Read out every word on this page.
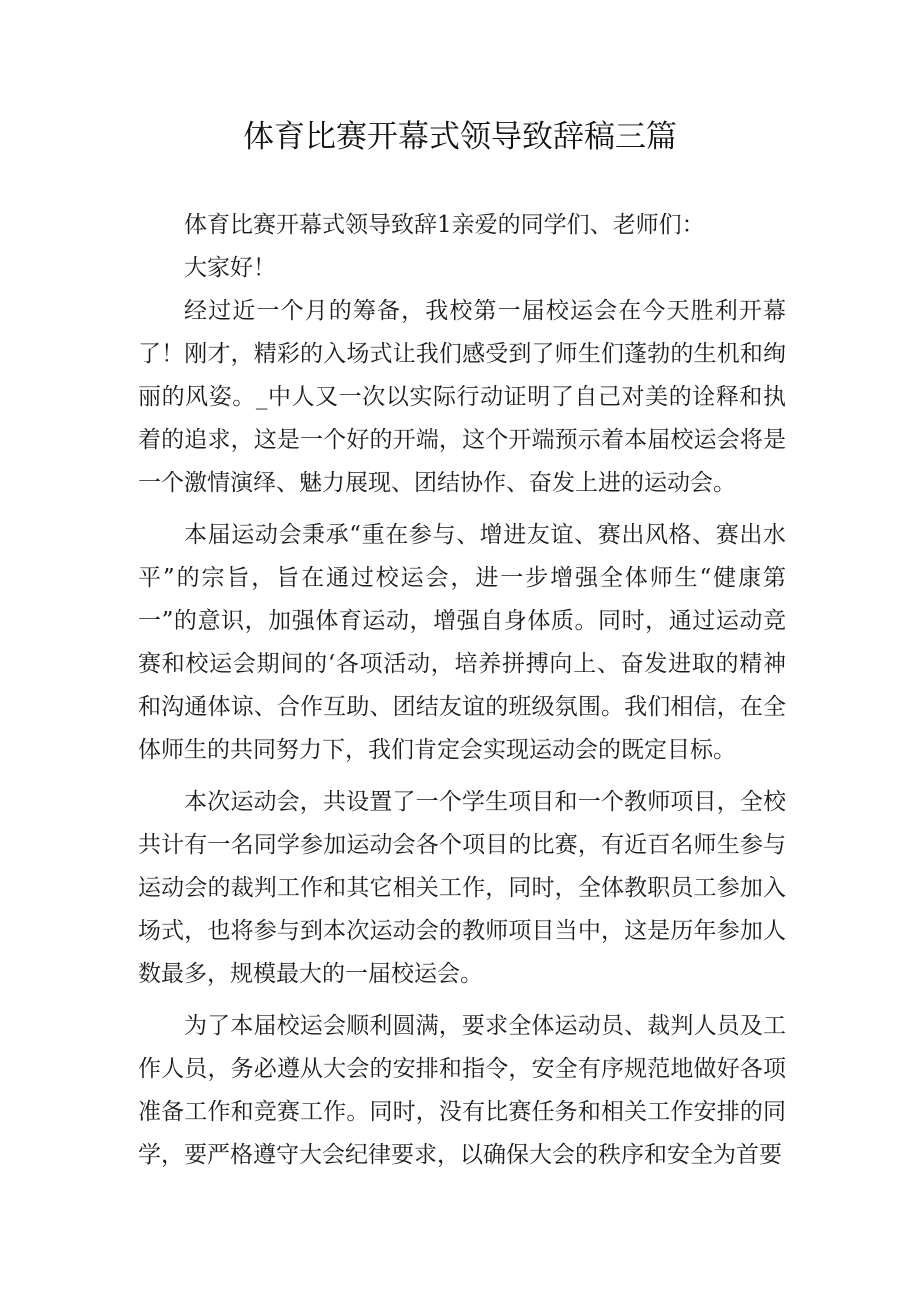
体育比赛开幕式领导致辞稿三篇

体育比赛开幕式领导致辞1亲爱的同学们、老师们：

大家好！

经过近一个月的筹备，我校第一届校运会在今天胜利开幕了！刚才，精彩的入场式让我们感受到了师生们蓬勃的生机和绚丽的风姿。_中人又一次以实际行动证明了自己对美的诠释和执着的追求，这是一个好的开端，这个开端预示着本届校运会将是一个激情演绎、魅力展现、团结协作、奋发上进的运动会。

本届运动会秉承“重在参与、增进友谊、赛出风格、赛出水平”的宗旨，旨在通过校运会，进一步增强全体师生“健康第一”的意识，加强体育运动，增强自身体质。同时，通过运动竞赛和校运会期间的‘各项活动，培养拼搏向上、奋发进取的精神和沟通体谅、合作互助、团结友谊的班级氛围。我们相信，在全体师生的共同努力下，我们肯定会实现运动会的既定目标。

本次运动会，共设置了一个学生项目和一个教师项目，全校共计有一名同学参加运动会各个项目的比赛，有近百名师生参与运动会的裁判工作和其它相关工作，同时，全体教职员工参加入场式，也将参与到本次运动会的教师项目当中，这是历年参加人数最多，规模最大的一届校运会。

为了本届校运会顺利圆满，要求全体运动员、裁判人员及工作人员，务必遵从大会的安排和指令，安全有序规范地做好各项准备工作和竞赛工作。同时，没有比赛任务和相关工作安排的同学，要严格遵守大会纪律要求，以确保大会的秩序和安全为首要
